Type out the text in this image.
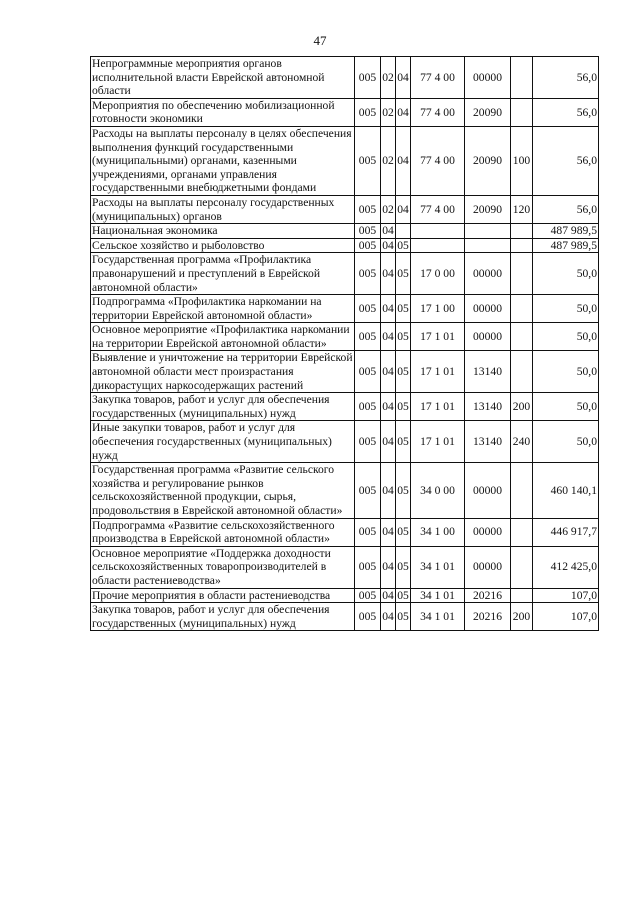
47
Непрограммные мероприятия органов исполнительной власти Еврейской автономной области	005	02	04	77 4 00	00000		56,0
Мероприятия по обеспечению мобилизационной готовности экономики	005	02	04	77 4 00	20090		56,0
Расходы на выплаты персоналу в целях обеспечения выполнения функций государственными (муниципальными) органами, казенными учреждениями, органами управления государственными внебюджетными фондами	005	02	04	77 4 00	20090	100	56,0
Расходы на выплаты персоналу государственных (муниципальных) органов	005	02	04	77 4 00	20090	120	56,0
Национальная экономика	005	04					487 989,5
Сельское хозяйство и рыболовство	005	04	05				487 989,5
Государственная программа «Профилактика правонарушений и преступлений в Еврейской автономной области»	005	04	05	17 0 00	00000		50,0
Подпрограмма «Профилактика наркомании на территории Еврейской автономной области»	005	04	05	17 1 00	00000		50,0
Основное мероприятие «Профилактика наркомании на территории Еврейской автономной области»	005	04	05	17 1 01	00000		50,0
Выявление и уничтожение на территории Еврейской автономной области мест произрастания дикорастущих наркосодержащих растений	005	04	05	17 1 01	13140		50,0
Закупка товаров, работ и услуг для обеспечения государственных (муниципальных) нужд	005	04	05	17 1 01	13140	200	50,0
Иные закупки товаров, работ и услуг для обеспечения государственных (муниципальных) нужд	005	04	05	17 1 01	13140	240	50,0
Государственная программа «Развитие сельского хозяйства и регулирование рынков сельскохозяйственной продукции, сырья, продовольствия в Еврейской автономной области»	005	04	05	34 0 00	00000		460 140,1
Подпрограмма «Развитие сельскохозяйственного производства в Еврейской автономной области»	005	04	05	34 1 00	00000		446 917,7
Основное мероприятие «Поддержка доходности сельскохозяйственных товаропроизводителей в области растениеводства»	005	04	05	34 1 01	00000		412 425,0
Прочие мероприятия в области растениеводства	005	04	05	34 1 01	20216		107,0
Закупка товаров, работ и услуг для обеспечения государственных (муниципальных) нужд	005	04	05	34 1 01	20216	200	107,0
